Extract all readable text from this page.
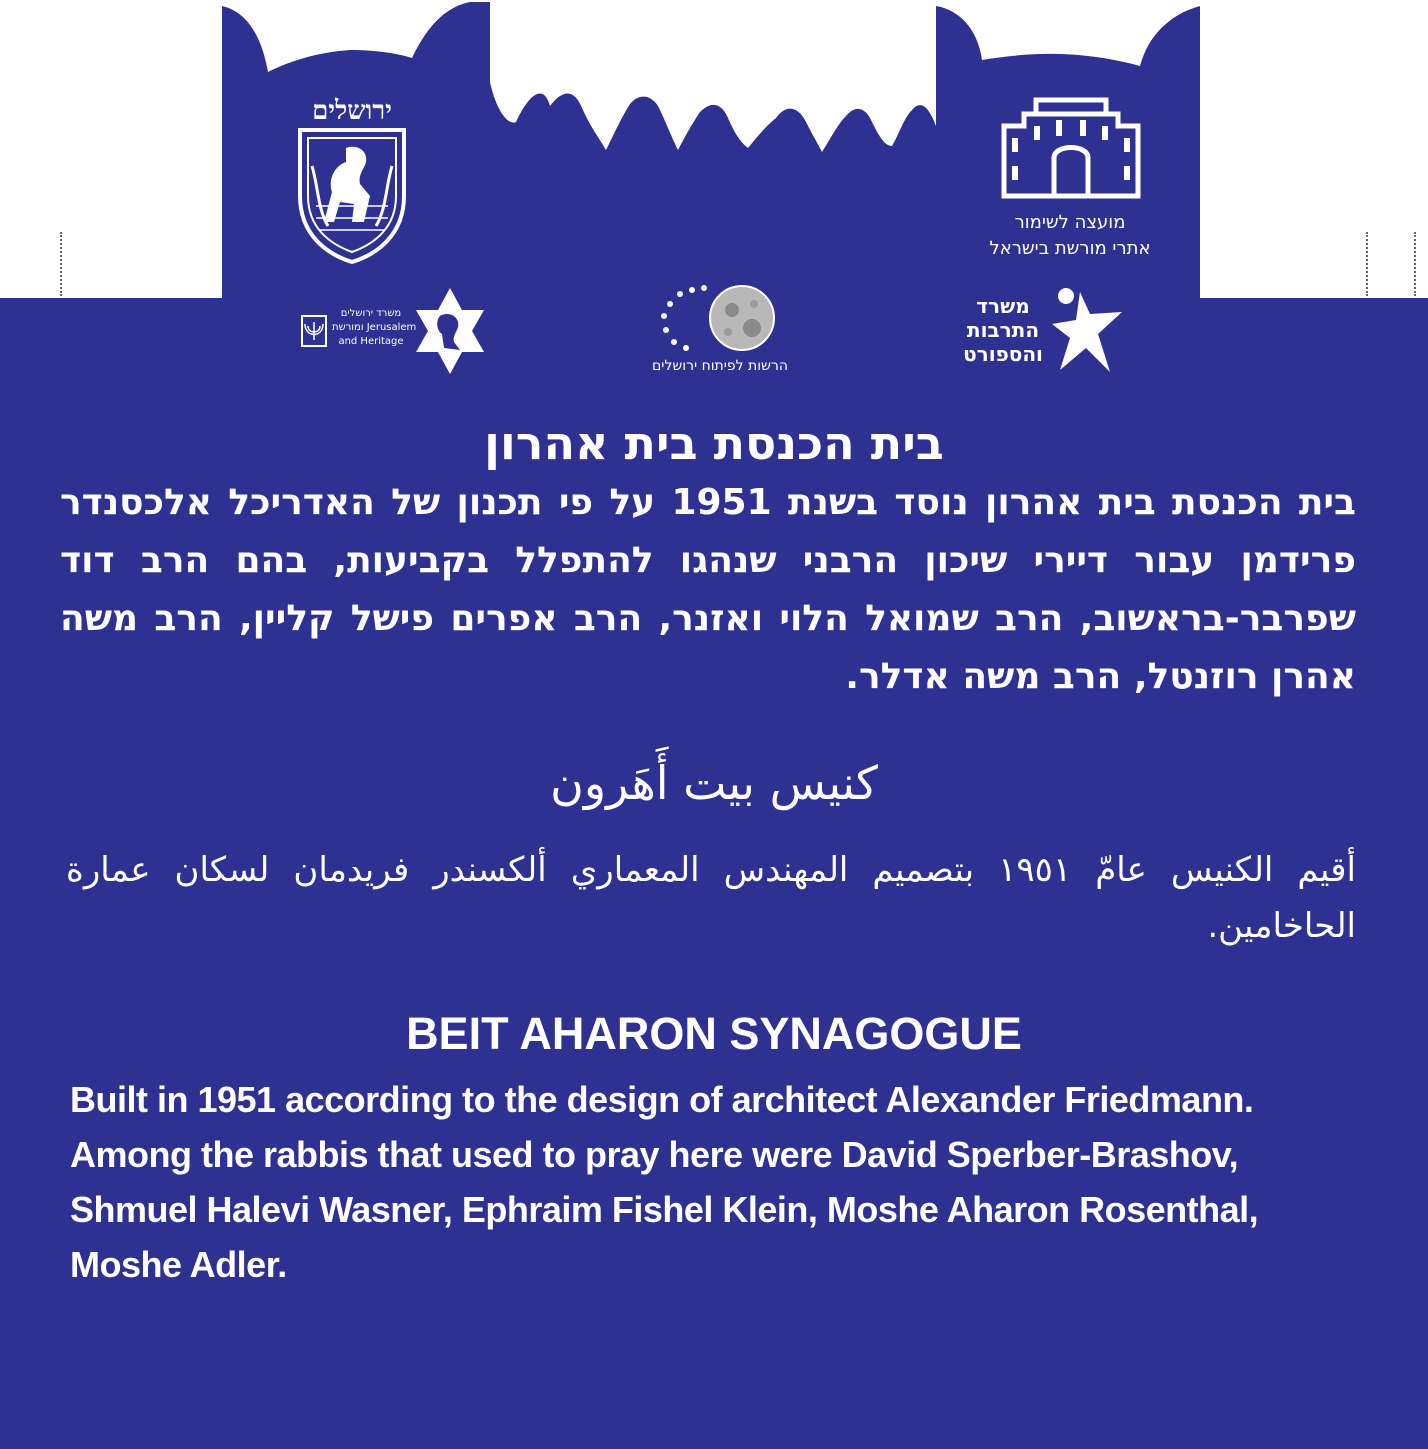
ירושלים
מועצה לשימור
אתרי מורשת בישראל
משרד ירושלים
ומורשת Jerusalem
and Heritage
הרשות לפיתוח ירושלים
משרד
התרבות
והספורט
בית הכנסת בית אהרון
בית הכנסת בית אהרון נוסד בשנת 1951 על פי תכנון של האדריכל אלכסנדר פרידמן עבור דיירי שיכון הרבני שנהגו להתפלל בקביעות, בהם הרב דוד שפרבר-בראשוב, הרב שמואל הלוי ואזנר, הרב אפרים פישל קליין, הרב משה אהרן רוזנטל, הרב משה אדלר.
كنيس بيت أَهَرون
أقيم الكنيس عامّ ١٩٥١ بتصميم المهندس المعماري ألكسندر فريدمان لسكان عمارة الحاخامين.
BEIT AHARON SYNAGOGUE
Built in 1951 according to the design of architect Alexander Friedmann.
Among the rabbis that used to pray here were David Sperber-Brashov,
Shmuel Halevi Wasner, Ephraim Fishel Klein, Moshe Aharon Rosenthal,
Moshe Adler.
